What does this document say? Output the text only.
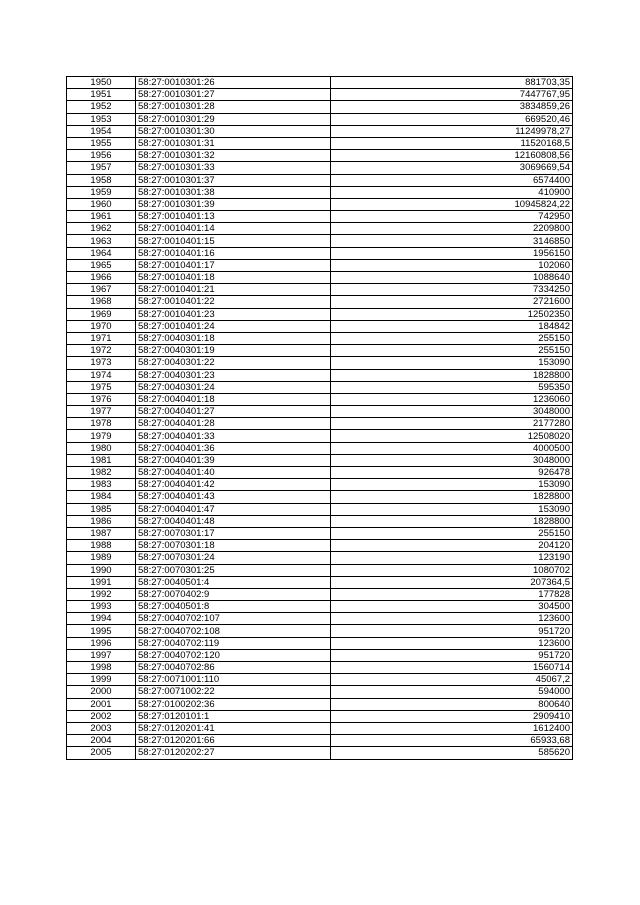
1950	58:27:0010301:26	881703,35
1951	58:27:0010301:27	7447767,95
1952	58:27:0010301:28	3834859,26
1953	58:27:0010301:29	669520,46
1954	58:27:0010301:30	11249978,27
1955	58:27:0010301:31	11520168,5
1956	58:27:0010301:32	12160808,56
1957	58:27:0010301:33	3069669,54
1958	58:27:0010301:37	6574400
1959	58:27:0010301:38	410900
1960	58:27:0010301:39	10945824,22
1961	58:27:0010401:13	742950
1962	58:27:0010401:14	2209800
1963	58:27:0010401:15	3146850
1964	58:27:0010401:16	1956150
1965	58:27:0010401:17	102060
1966	58:27:0010401:18	1088640
1967	58:27:0010401:21	7334250
1968	58:27:0010401:22	2721600
1969	58:27:0010401:23	12502350
1970	58:27:0010401:24	184842
1971	58:27:0040301:18	255150
1972	58:27:0040301:19	255150
1973	58:27:0040301:22	153090
1974	58:27:0040301:23	1828800
1975	58:27:0040301:24	595350
1976	58:27:0040401:18	1236060
1977	58:27:0040401:27	3048000
1978	58:27:0040401:28	2177280
1979	58:27:0040401:33	12508020
1980	58:27:0040401:36	4000500
1981	58:27:0040401:39	3048000
1982	58:27:0040401:40	926478
1983	58:27:0040401:42	153090
1984	58:27:0040401:43	1828800
1985	58:27:0040401:47	153090
1986	58:27:0040401:48	1828800
1987	58:27:0070301:17	255150
1988	58:27:0070301:18	204120
1989	58:27:0070301:24	123190
1990	58:27:0070301:25	1080702
1991	58:27:0040501:4	207364,5
1992	58:27:0070402:9	177828
1993	58:27:0040501:8	304500
1994	58:27:0040702:107	123600
1995	58:27:0040702:108	951720
1996	58:27:0040702:119	123600
1997	58:27:0040702:120	951720
1998	58:27:0040702:86	1560714
1999	58:27:0071001:110	45067,2
2000	58:27:0071002:22	594000
2001	58:27:0100202:36	800640
2002	58:27:0120101:1	2909410
2003	58:27:0120201:41	1612400
2004	58:27:0120201:66	65933,68
2005	58:27:0120202:27	585620
